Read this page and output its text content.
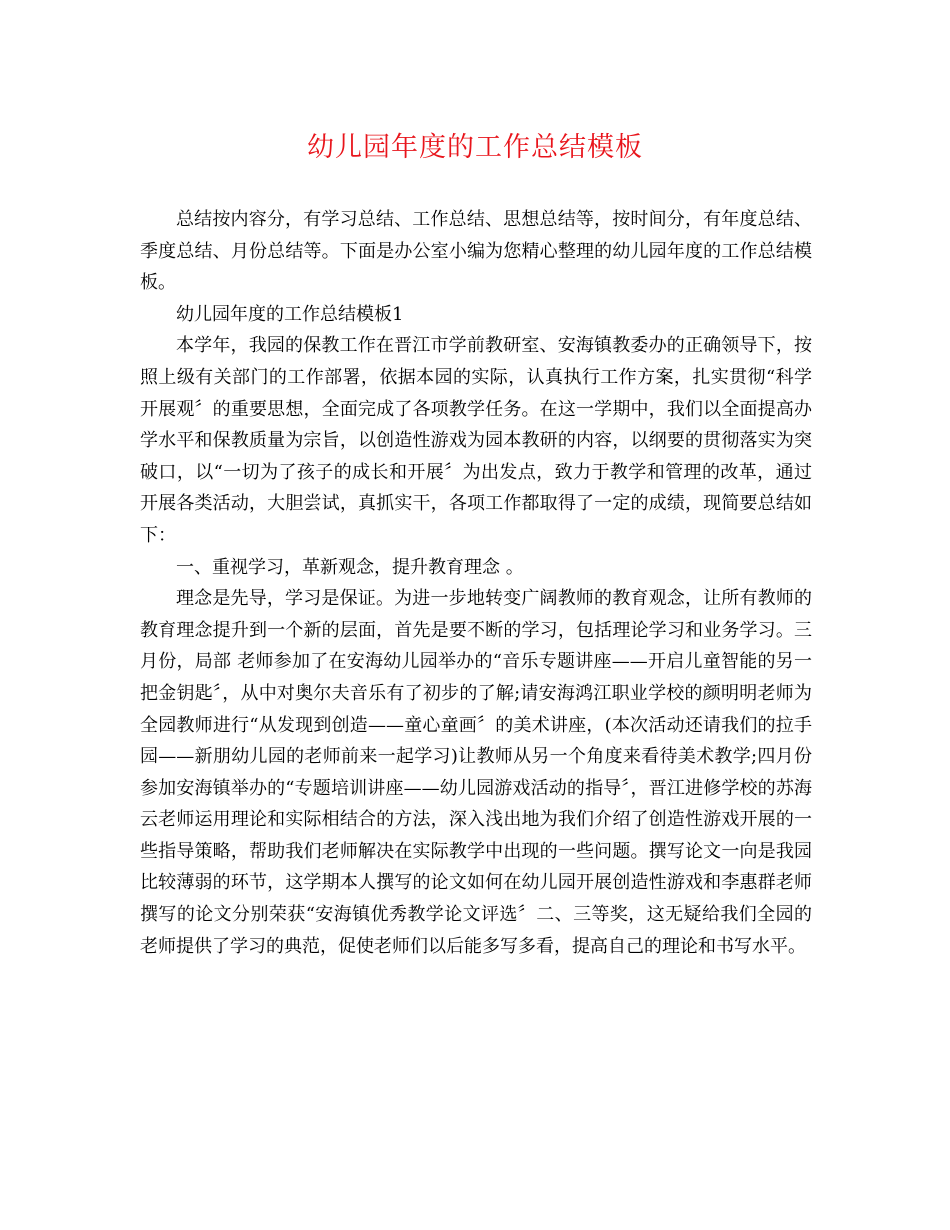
幼儿园年度的工作总结模板

总结按内容分，有学习总结、工作总结、思想总结等，按时间分，有年度总结、季度总结、月份总结等。下面是办公室小编为您精心整理的幼儿园年度的工作总结模板。

幼儿园年度的工作总结模板1

本学年，我园的保教工作在晋江市学前教研室、安海镇教委办的正确领导下，按照上级有关部门的工作部署，依据本园的实际，认真执行工作方案，扎实贯彻“科学开展观〞的重要思想，全面完成了各项教学任务。在这一学期中，我们以全面提高办学水平和保教质量为宗旨，以创造性游戏为园本教研的内容，以纲要的贯彻落实为突破口，以“一切为了孩子的成长和开展〞为出发点，致力于教学和管理的改革，通过开展各类活动，大胆尝试，真抓实干，各项工作都取得了一定的成绩，现简要总结如下：

一、重视学习，革新观念，提升教育理念 。

理念是先导，学习是保证。为进一步地转变广阔教师的教育观念，让所有教师的教育理念提升到一个新的层面，首先是要不断的学习，包括理论学习和业务学习。三月份，局部 老师参加了在安海幼儿园举办的“音乐专题讲座——开启儿童智能的另一把金钥匙〞，从中对奥尔夫音乐有了初步的了解;请安海鸿江职业学校的颜明明老师为全园教师进行“从发现到创造——童心童画〞的美术讲座，(本次活动还请我们的拉手园——新朋幼儿园的老师前来一起学习)让教师从另一个角度来看待美术教学;四月份参加安海镇举办的“专题培训讲座——幼儿园游戏活动的指导〞，晋江进修学校的苏海云老师运用理论和实际相结合的方法，深入浅出地为我们介绍了创造性游戏开展的一些指导策略，帮助我们老师解决在实际教学中出现的一些问题。撰写论文一向是我园比较薄弱的环节，这学期本人撰写的论文如何在幼儿园开展创造性游戏和李惠群老师撰写的论文分别荣获“安海镇优秀教学论文评选〞二、三等奖，这无疑给我们全园的老师提供了学习的典范，促使老师们以后能多写多看，提高自己的理论和书写水平。
